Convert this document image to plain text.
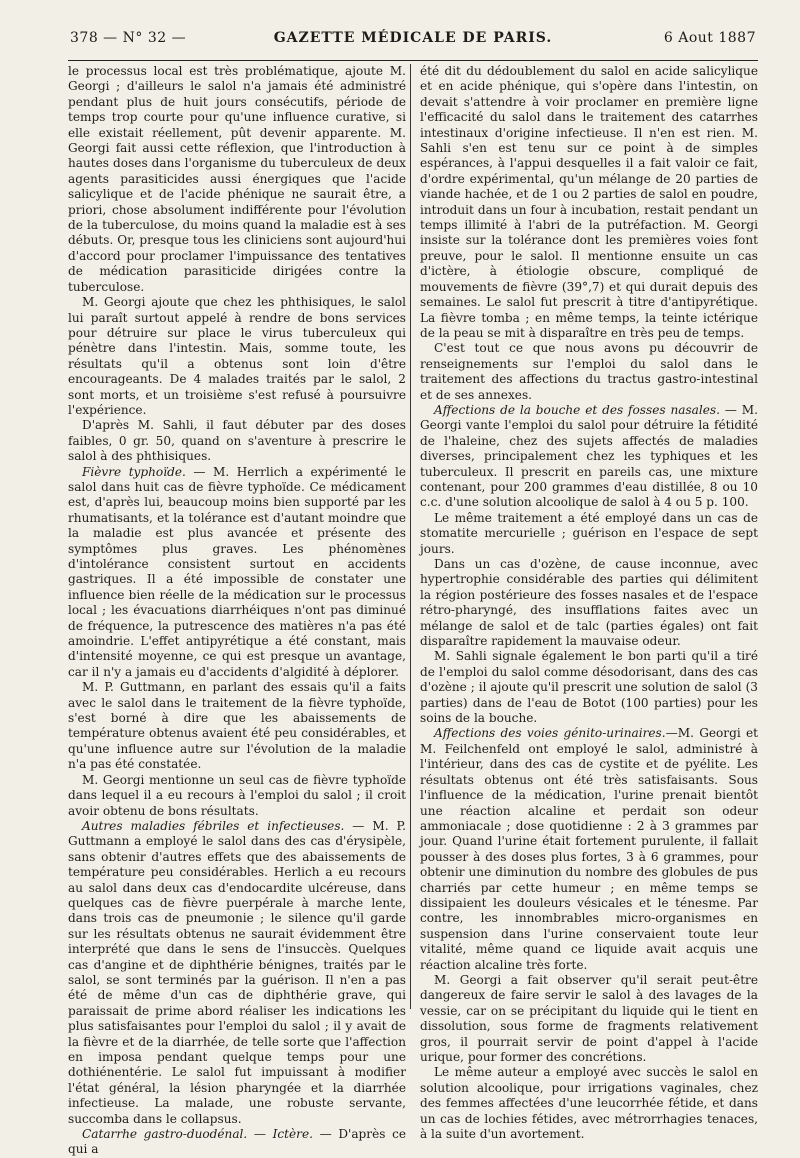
378 — N° 32 —	GAZETTE MÉDICALE DE PARIS.	6 Aout 1887

le processus local est très problématique, ajoute M. Georgi ; d'ailleurs le salol n'a jamais été administré pendant plus de huit jours consécutifs, période de temps trop courte pour qu'une influence curative, si elle existait réellement, pût devenir apparente. M. Georgi fait aussi cette réflexion, que l'introduction à hautes doses dans l'organisme du tuberculeux de deux agents parasiticides aussi énergiques que l'acide salicylique et de l'acide phénique ne saurait être, a priori, chose absolument indifférente pour l'évolution de la tuberculose, du moins quand la maladie est à ses débuts. Or, presque tous les cliniciens sont aujourd'hui d'accord pour proclamer l'impuissance des tentatives de médication parasiticide dirigées contre la tuberculose.

M. Georgi ajoute que chez les phthisiques, le salol lui paraît surtout appelé à rendre de bons services pour détruire sur place le virus tuberculeux qui pénètre dans l'intestin. Mais, somme toute, les résultats qu'il a obtenus sont loin d'être encourageants. De 4 malades traités par le salol, 2 sont morts, et un troisième s'est refusé à poursuivre l'expérience.

D'après M. Sahli, il faut débuter par des doses faibles, 0 gr. 50, quand on s'aventure à prescrire le salol à des phthisiques.

Fièvre typhoïde. — M. Herrlich a expérimenté le salol dans huit cas de fièvre typhoïde. Ce médicament est, d'après lui, beaucoup moins bien supporté par les rhumatisants, et la tolérance est d'autant moindre que la maladie est plus avancée et présente des symptômes plus graves. Les phénomènes d'intolérance consistent surtout en accidents gastriques. Il a été impossible de constater une influence bien réelle de la médication sur le processus local ; les évacuations diarrhéiques n'ont pas diminué de fréquence, la putrescence des matières n'a pas été amoindrie. L'effet antipyrétique a été constant, mais d'intensité moyenne, ce qui est presque un avantage, car il n'y a jamais eu d'accidents d'algidité à déplorer.

M. P. Guttmann, en parlant des essais qu'il a faits avec le salol dans le traitement de la fièvre typhoïde, s'est borné à dire que les abaissements de température obtenus avaient été peu considérables, et qu'une influence autre sur l'évolution de la maladie n'a pas été constatée.

M. Georgi mentionne un seul cas de fièvre typhoïde dans lequel il a eu recours à l'emploi du salol ; il croit avoir obtenu de bons résultats.

Autres maladies fébriles et infectieuses. — M. P. Guttmann a employé le salol dans des cas d'érysipèle, sans obtenir d'autres effets que des abaissements de température peu considérables. Herlich a eu recours au salol dans deux cas d'endocardite ulcéreuse, dans quelques cas de fièvre puerpérale à marche lente, dans trois cas de pneumonie ; le silence qu'il garde sur les résultats obtenus ne saurait évidemment être interprété que dans le sens de l'insuccès. Quelques cas d'angine et de diphthérie bénignes, traités par le salol, se sont terminés par la guérison. Il n'en a pas été de même d'un cas de diphthérie grave, qui paraissait de prime abord réaliser les indications les plus satisfaisantes pour l'emploi du salol ; il y avait de la fièvre et de la diarrhée, de telle sorte que l'affection en imposa pendant quelque temps pour une dothiénentérie. Le salol fut impuissant à modifier l'état général, la lésion pharyngée et la diarrhée infectieuse. La malade, une robuste servante, succomba dans le collapsus.

Catarrhe gastro-duodénal. — Ictère. — D'après ce qui a

été dit du dédoublement du salol en acide salicylique et en acide phénique, qui s'opère dans l'intestin, on devait s'attendre à voir proclamer en première ligne l'efficacité du salol dans le traitement des catarrhes intestinaux d'origine infectieuse. Il n'en est rien. M. Sahli s'en est tenu sur ce point à de simples espérances, à l'appui desquelles il a fait valoir ce fait, d'ordre expérimental, qu'un mélange de 20 parties de viande hachée, et de 1 ou 2 parties de salol en poudre, introduit dans un four à incubation, restait pendant un temps illimité à l'abri de la putréfaction. M. Georgi insiste sur la tolérance dont les premières voies font preuve, pour le salol. Il mentionne ensuite un cas d'ictère, à étiologie obscure, compliqué de mouvements de fièvre (39°,7) et qui durait depuis des semaines. Le salol fut prescrit à titre d'antipyrétique. La fièvre tomba ; en même temps, la teinte ictérique de la peau se mit à disparaître en très peu de temps.

C'est tout ce que nous avons pu découvrir de renseignements sur l'emploi du salol dans le traitement des affections du tractus gastro-intestinal et de ses annexes.

Affections de la bouche et des fosses nasales. — M. Georgi vante l'emploi du salol pour détruire la fétidité de l'haleine, chez des sujets affectés de maladies diverses, principalement chez les typhiques et les tuberculeux. Il prescrit en pareils cas, une mixture contenant, pour 200 grammes d'eau distillée, 8 ou 10 c.c. d'une solution alcoolique de salol à 4 ou 5 p. 100.

Le même traitement a été employé dans un cas de stomatite mercurielle ; guérison en l'espace de sept jours.

Dans un cas d'ozène, de cause inconnue, avec hypertrophie considérable des parties qui délimitent la région postérieure des fosses nasales et de l'espace rétro-pharyngé, des insufflations faites avec un mélange de salol et de talc (parties égales) ont fait disparaître rapidement la mauvaise odeur.

M. Sahli signale également le bon parti qu'il a tiré de l'emploi du salol comme désodorisant, dans des cas d'ozène ; il ajoute qu'il prescrit une solution de salol (3 parties) dans de l'eau de Botot (100 parties) pour les soins de la bouche.

Affections des voies génito-urinaires.—M. Georgi et M. Feilchenfeld ont employé le salol, administré à l'intérieur, dans des cas de cystite et de pyélite. Les résultats obtenus ont été très satisfaisants. Sous l'influence de la médication, l'urine prenait bientôt une réaction alcaline et perdait son odeur ammoniacale ; dose quotidienne : 2 à 3 grammes par jour. Quand l'urine était fortement purulente, il fallait pousser à des doses plus fortes, 3 à 6 grammes, pour obtenir une diminution du nombre des globules de pus charriés par cette humeur ; en même temps se dissipaient les douleurs vésicales et le ténesme. Par contre, les innombrables micro-organismes en suspension dans l'urine conservaient toute leur vitalité, même quand ce liquide avait acquis une réaction alcaline très forte.

M. Georgi a fait observer qu'il serait peut-être dangereux de faire servir le salol à des lavages de la vessie, car on se précipitant du liquide qui le tient en dissolution, sous forme de fragments relativement gros, il pourrait servir de point d'appel à l'acide urique, pour former des concrétions.

Le même auteur a employé avec succès le salol en solution alcoolique, pour irrigations vaginales, chez des femmes affectées d'une leucorrhée fétide, et dans un cas de lochies fétides, avec métrorrhagies tenaces, à la suite d'un avortement.
